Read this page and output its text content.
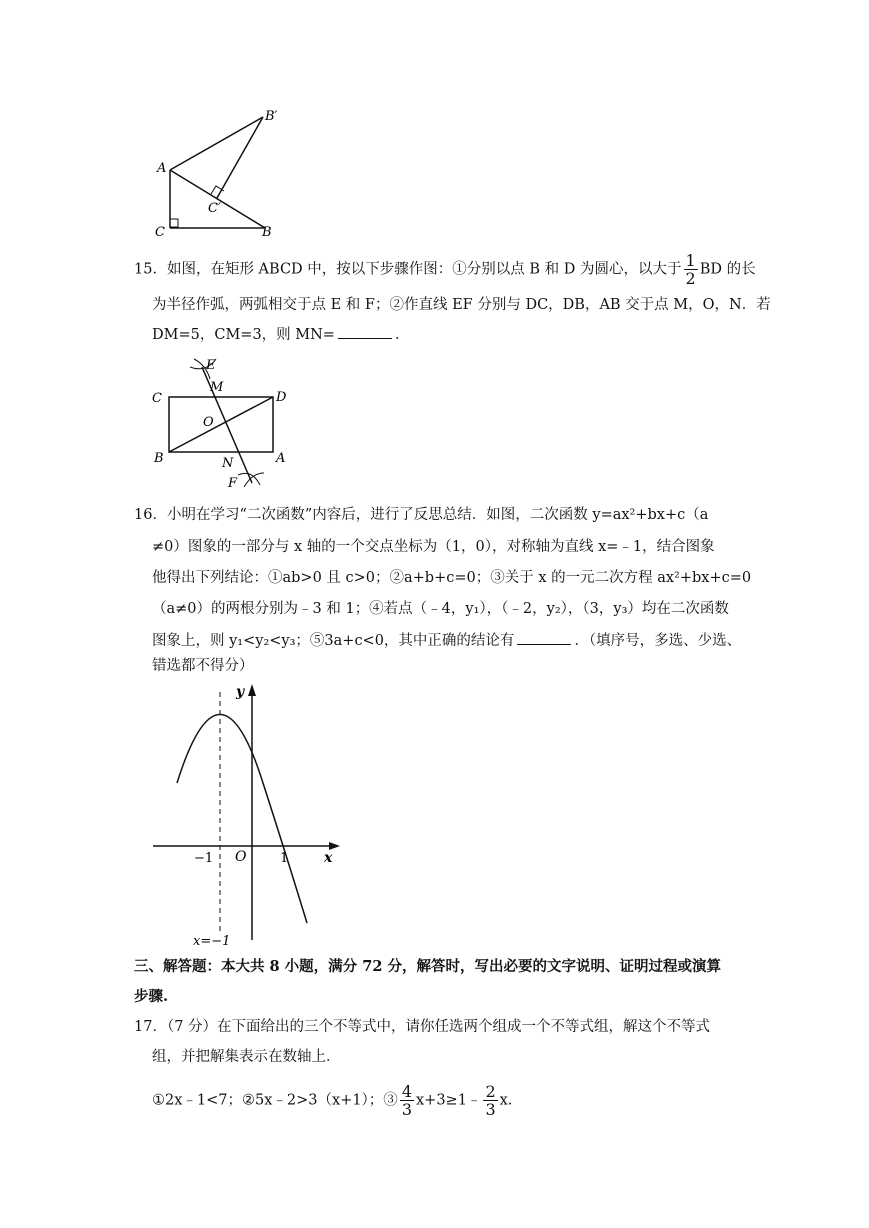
A
C	B
B′
C′
15．如图，在矩形 ABCD 中，按以下步骤作图：①分别以点 B 和 D 为圆心，以大于 $\frac{1}{2}$ BD 的长
为半径作弧，两弧相交于点 E 和 F；②作直线 EF 分别与 DC，DB，AB 交于点 M，O，N．若
DM=5，CM=3，则 MN=	．
E
M
C	D
O
B	A
N
F
16．小明在学习“二次函数”内容后，进行了反思总结．如图，二次函数 y=ax²+bx+c（a
≠0）图象的一部分与 x 轴的一个交点坐标为（1，0），对称轴为直线 x=﹣1，结合图象
他得出下列结论：①ab>0 且 c>0；②a+b+c=0；③关于 x 的一元二次方程 ax²+bx+c=0
（a≠0）的两根分别为﹣3 和 1；④若点（﹣4，y₁），（﹣2，y₂），（3，y₃）均在二次函数
图象上，则 y₁<y₂<y₃；⑤3a+c<0，其中正确的结论有	．（填序号，多选、少选、
错选都不得分）
y
x
O
−1	1
x=−1
三、解答题：本大共 8 小题，满分 72 分，解答时，写出必要的文字说明、证明过程或演算
步骤.
17．（7 分）在下面给出的三个不等式中，请你任选两个组成一个不等式组，解这个不等式
组，并把解集表示在数轴上．
①2x﹣1<7；②5x﹣2>3（x+1）；③ $\frac{4}{3}$ x+3≥1﹣ $\frac{2}{3} x$.
